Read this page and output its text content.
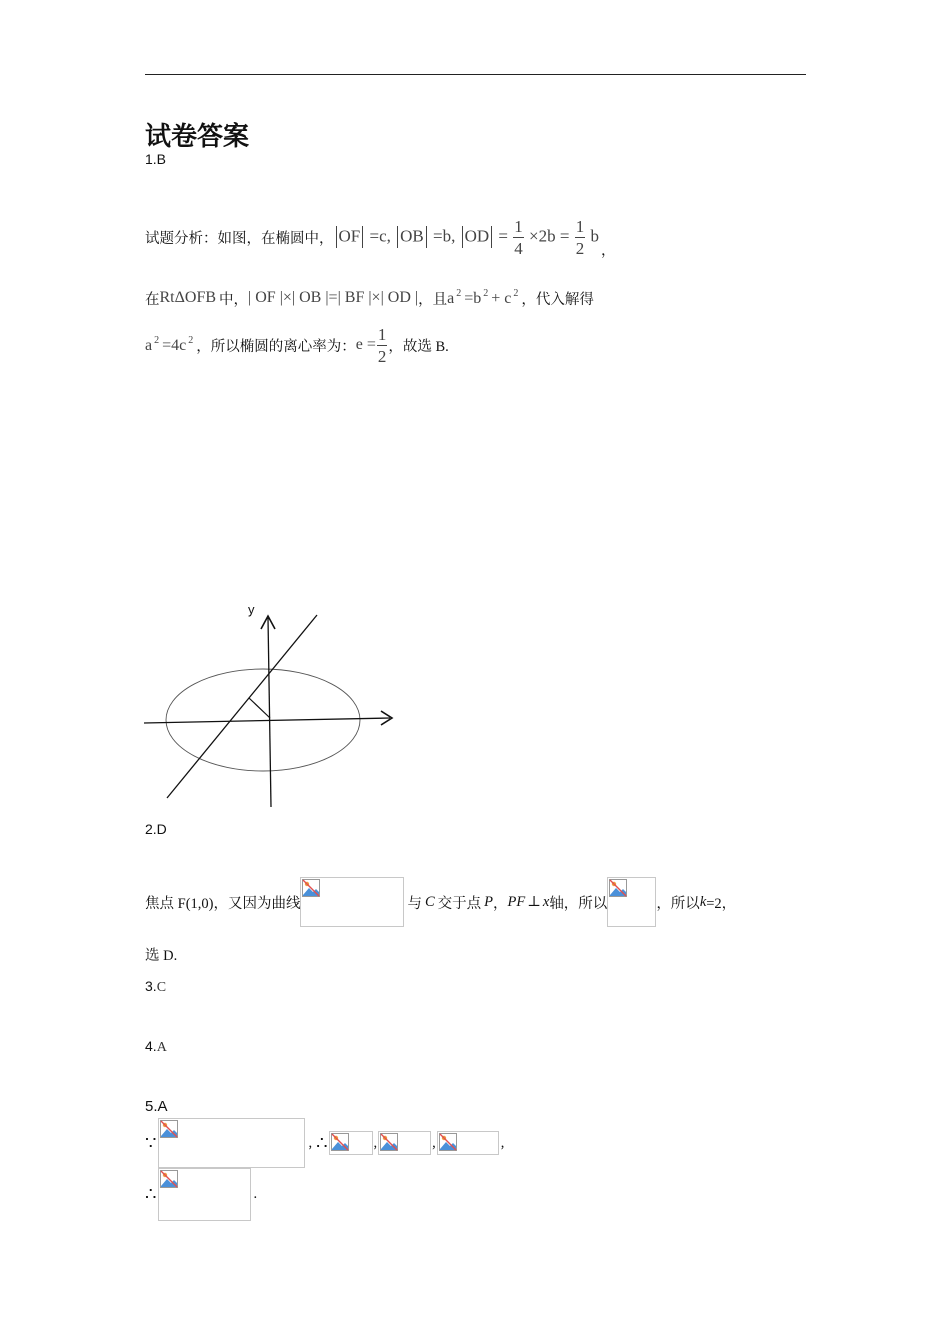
试卷答案
1.B
试题分析：如图，在椭圆中， OF =c, OB =b, OD = $\frac{1}{4} \times 2b = \frac{1}{2}$ b
，
在 RtΔOFB 中， | OF |×| OB |=| BF |×| OD | ，且 a $^2$ =b $^2$ + c $^2$ ，代入解得
a $^2$ =4c $^2$ ，所以椭圆的离心率为： $e = \frac{1}{2}$ ，故选 B.
y
2.D
焦点 F(1,0)，又因为曲线	与 C 交于点 P ， PF ⊥ x 轴，所以	，所以 k =2，
选 D.
3.C
4.A
5.A
∵	, ∴	,	,	,
∴	.
